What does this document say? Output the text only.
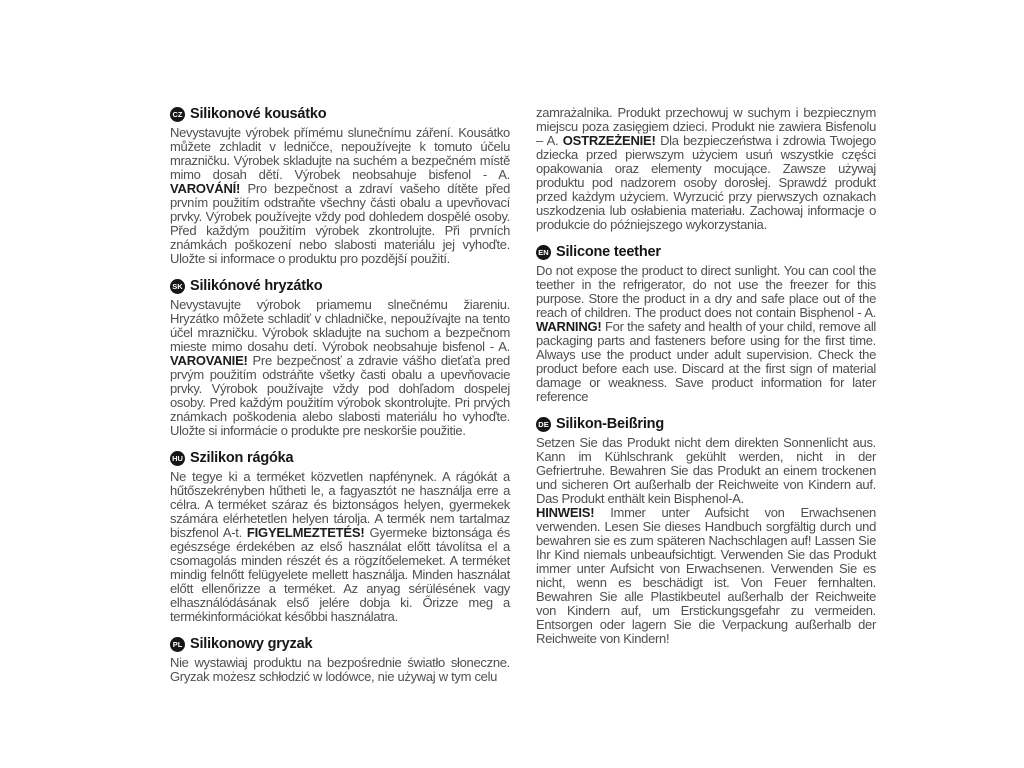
CZ Silikonové kousátko

Nevystavujte výrobek přímému slunečnímu záření. Kousátko můžete zchladit v ledničce, nepoužívejte k tomuto účelu mrazničku. Výrobek skladujte na suchém a bezpečném místě mimo dosah dětí. Výrobek neobsahuje bisfenol - A. VAROVÁNÍ! Pro bezpečnost a zdraví vašeho dítěte před prvním použitím odstraňte všechny části obalu a upevňovací prvky. Výrobek používejte vždy pod dohledem dospělé osoby. Před každým použitím výrobek zkontrolujte. Při prvních známkách poškození nebo slabosti materiálu jej vyhoďte. Uložte si informace o produktu pro pozdější použití.

SK Silikónové hryzátko

Nevystavujte výrobok priamemu slnečnému žiareniu. Hryzátko môžete schladiť v chladničke, nepoužívajte na tento účel mrazničku. Výrobok skladujte na suchom a bezpečnom mieste mimo dosahu detí. Výrobok neobsahuje bisfenol - A. VAROVANIE! Pre bezpečnosť a zdravie vášho dieťaťa pred prvým použitím odstráňte všetky časti obalu a upevňovacie prvky. Výrobok používajte vždy pod dohľadom dospelej osoby. Pred každým použitím výrobok skontrolujte. Pri prvých známkach poškodenia alebo slabosti materiálu ho vyhoďte. Uložte si informácie o produkte pre neskoršie použitie.

HU Szilikon rágóka

Ne tegye ki a terméket közvetlen napfénynek. A rágókát a hűtőszekrényben hűtheti le, a fagyasztót ne használja erre a célra. A terméket száraz és biztonságos helyen, gyermekek számára elérhetetlen helyen tárolja. A termék nem tartalmaz biszfenol A-t. FIGYELMEZTETÉS! Gyermeke biztonsága és egészsége érdekében az első használat előtt távolítsa el a csomagolás minden részét és a rögzítőelemeket. A terméket mindig felnőtt felügyelete mellett használja. Minden használat előtt ellenőrizze a terméket. Az anyag sérülésének vagy elhasználódásának első jelére dobja ki. Őrizze meg a termékinformációkat későbbi használatra.

PL Silikonowy gryzak

Nie wystawiaj produktu na bezpośrednie światło słoneczne. Gryzak możesz schłodzić w lodówce, nie używaj w tym celu

zamrażalnika. Produkt przechowuj w suchym i bezpiecznym miejscu poza zasięgiem dzieci. Produkt nie zawiera Bisfenolu – A. OSTRZEŻENIE! Dla bezpieczeństwa i zdrowia Twojego dziecka przed pierwszym użyciem usuń wszystkie części opakowania oraz elementy mocujące. Zawsze używaj produktu pod nadzorem osoby dorosłej. Sprawdź produkt przed każdym użyciem. Wyrzucić przy pierwszych oznakach uszkodzenia lub osłabienia materiału. Zachowaj informacje o produkcie do późniejszego wykorzystania.

EN Silicone teether

Do not expose the product to direct sunlight. You can cool the teether in the refrigerator, do not use the freezer for this purpose. Store the product in a dry and safe place out of the reach of children. The product does not contain Bisphenol - A. WARNING! For the safety and health of your child, remove all packaging parts and fasteners before using for the first time. Always use the product under adult supervision. Check the product before each use. Discard at the first sign of material damage or weakness. Save product information for later reference

DE Silikon-Beißring

Setzen Sie das Produkt nicht dem direkten Sonnenlicht aus. Kann im Kühlschrank gekühlt werden, nicht in der Gefriertruhe. Bewahren Sie das Produkt an einem trockenen und sicheren Ort außerhalb der Reichweite von Kindern auf. Das Produkt enthält kein Bisphenol-A.

HINWEIS! Immer unter Aufsicht von Erwachsenen verwenden. Lesen Sie dieses Handbuch sorgfältig durch und bewahren sie es zum späteren Nachschlagen auf! Lassen Sie Ihr Kind niemals unbeaufsichtigt. Verwenden Sie das Produkt immer unter Aufsicht von Erwachsenen. Verwenden Sie es nicht, wenn es beschädigt ist. Von Feuer fernhalten. Bewahren Sie alle Plastikbeutel außerhalb der Reichweite von Kindern auf, um Erstickungsgefahr zu vermeiden. Entsorgen oder lagern Sie die Verpackung außerhalb der Reichweite von Kindern!
